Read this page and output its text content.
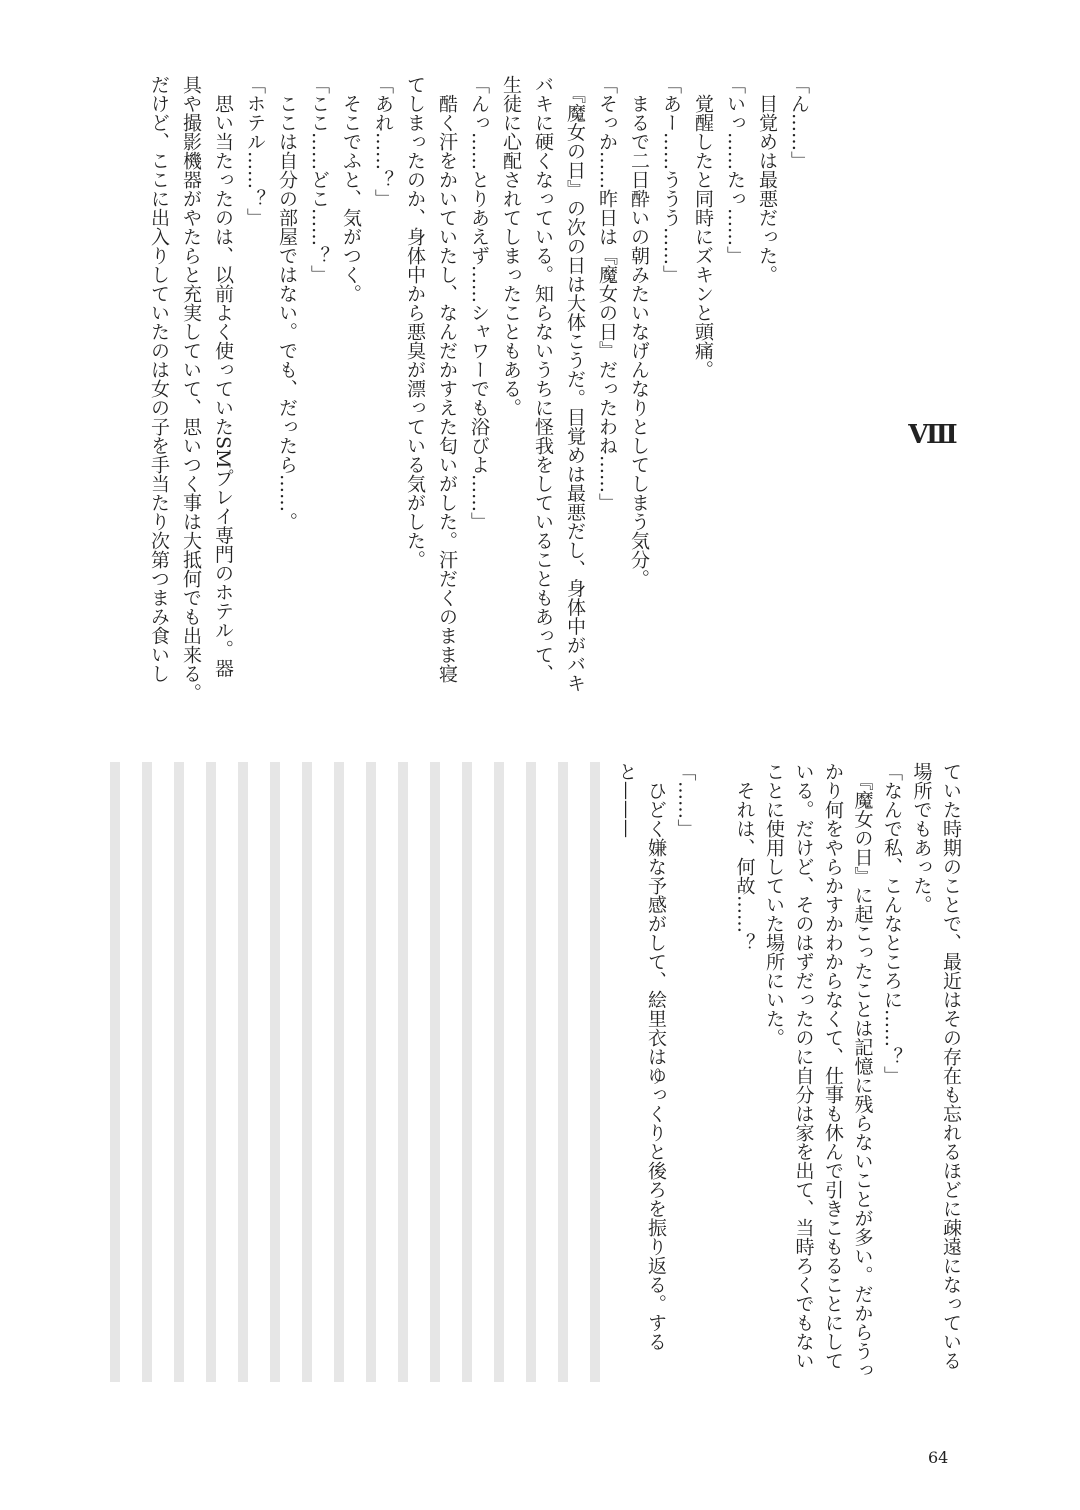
Ⅷ
「ん……」
　目覚めは最悪だった。
「いっ……たっ……」
　覚醒したと同時にズキンと頭痛。
「あー……ううう……」
　まるで二日酔いの朝みたいなげんなりとしてしまう気分。
「そっか……昨日は『魔女の日』だったわね……」
　『魔女の日』の次の日は大体こうだ。目覚めは最悪だし、身体中がバキ
バキに硬くなっている。知らないうちに怪我をしていることもあって、
生徒に心配されてしまったこともある。
「んっ……とりあえず……シャワーでも浴びよ……」
　酷く汗をかいていたし、なんだかすえた匂いがした。汗だくのまま寝
てしまったのか、身体中から悪臭が漂っている気がした。
「あれ……？」
　そこでふと、気がつく。
「ここ……どこ……？」
　ここは自分の部屋ではない。でも、だったら……。
「ホテル……？」
　思い当たったのは、以前よく使っていたSMプレイ専門のホテル。器
具や撮影機器がやたらと充実していて、思いつく事は大抵何でも出来る。
だけど、ここに出入りしていたのは女の子を手当たり次第つまみ食いし
ていた時期のことで、最近はその存在も忘れるほどに疎遠になっている
場所でもあった。
「なんで私、こんなところに……？」
　『魔女の日』に起こったことは記憶に残らないことが多い。だからうっ
かり何をやらかすかわからなくて、仕事も休んで引きこもることにして
いる。だけど、そのはずだったのに自分は家を出て、当時ろくでもない
ことに使用していた場所にいた。
　それは、何故……？

「……」
　ひどく嫌な予感がして、絵里衣はゆっくりと後ろを振り返る。する
と———
64
